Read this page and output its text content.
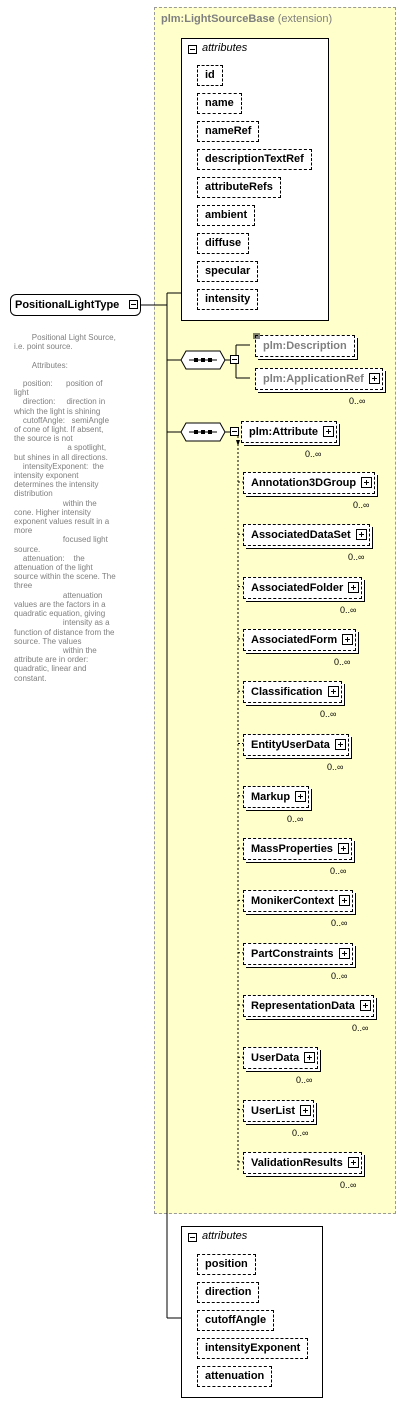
plm:LightSourceBase (extension)
attributes
id
name
nameRef
descriptionTextRef
attributeRefs
ambient
diffuse
specular
intensity
PositionalLightType
Positional Light Source,
i.e. point source.

Attributes:

position:      position of
light
direction:     direction in
which the light is shining
cutoffAngle:   semiAngle
of cone of light. If absent,
the source is not
a spotlight,
but shines in all directions.
intensityExponent:  the
intensity exponent
determines the intensity
distribution
within the
cone. Higher intensity
exponent values result in a
more
focused light
source.
attenuation:    the
attenuation of the light
source within the scene. The
three
attenuation
values are the factors in a
quadratic equation, giving
intensity as a
function of distance from the
source. The values
within the
attribute are in order:
quadratic, linear and
constant.
plm:Description
plm:ApplicationRef
0..∞
plm:Attribute
0..∞
Annotation3DGroup
0..∞
AssociatedDataSet
0..∞
AssociatedFolder
0..∞
AssociatedForm
0..∞
Classification
0..∞
EntityUserData
0..∞
Markup
0..∞
MassProperties
0..∞
MonikerContext
0..∞
PartConstraints
0..∞
RepresentationData
0..∞
UserData
0..∞
UserList
0..∞
ValidationResults
0..∞
attributes
position
direction
cutoffAngle
intensityExponent
attenuation
